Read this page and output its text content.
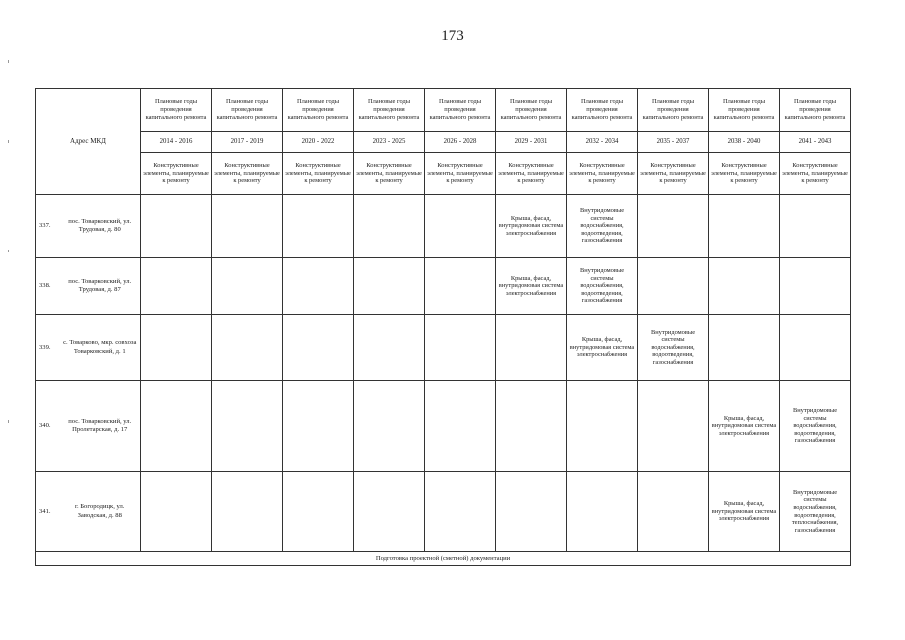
173
Адрес МКД		Плановые годы проведения капитального ремонта	Плановые годы проведения капитального ремонта	Плановые годы проведения капитального ремонта	Плановые годы проведения капитального ремонта	Плановые годы проведения капитального ремонта	Плановые годы проведения капитального ремонта	Плановые годы проведения капитального ремонта	Плановые годы проведения капитального ремонта	Плановые годы проведения капитального ремонта	Плановые годы проведения капитального ремонта
		2014 - 2016	2017 - 2019	2020 - 2022	2023 - 2025	2026 - 2028	2029 - 2031	2032 - 2034	2035 - 2037	2038 - 2040	2041 - 2043
		Конструктивные элементы, планируемые к ремонту	Конструктивные элементы, планируемые к ремонту	Конструктивные элементы, планируемые к ремонту	Конструктивные элементы, планируемые к ремонту	Конструктивные элементы, планируемые к ремонту	Конструктивные элементы, планируемые к ремонту	Конструктивные элементы, планируемые к ремонту	Конструктивные элементы, планируемые к ремонту	Конструктивные элементы, планируемые к ремонту	Конструктивные элементы, планируемые к ремонту
337.	пос. Товарковский, ул. Трудовая, д. 80						Крыша, фасад, внутридомовая система электроснабжения	Внутридомовые системы водоснабжения, водоотведения, газоснабжения			
338.	пос. Товарковский, ул. Трудовая, д. 87						Крыша, фасад, внутридомовая система электроснабжения	Внутридомовые системы водоснабжения, водоотведения, газоснабжения			
339.	с. Товарково, мкр. совхоза Товарковский, д. 1							Крыша, фасад, внутридомовая система электроснабжения	Внутридомовые системы водоснабжения, водоотведения, газоснабжения		
340.	пос. Товарковский, ул. Пролетарская, д. 17									Крыша, фасад, внутридомовая система электроснабжения	Внутридомовые системы водоснабжения, водоотведения, газоснабжения
341.	г. Богородицк, ул. Заводская, д. 88									Крыша, фасад, внутридомовая система электроснабжения	Внутридомовые системы водоснабжения, водоотведения, теплоснабжения, газоснабжения
Подготовка проектной (сметной) документации											
